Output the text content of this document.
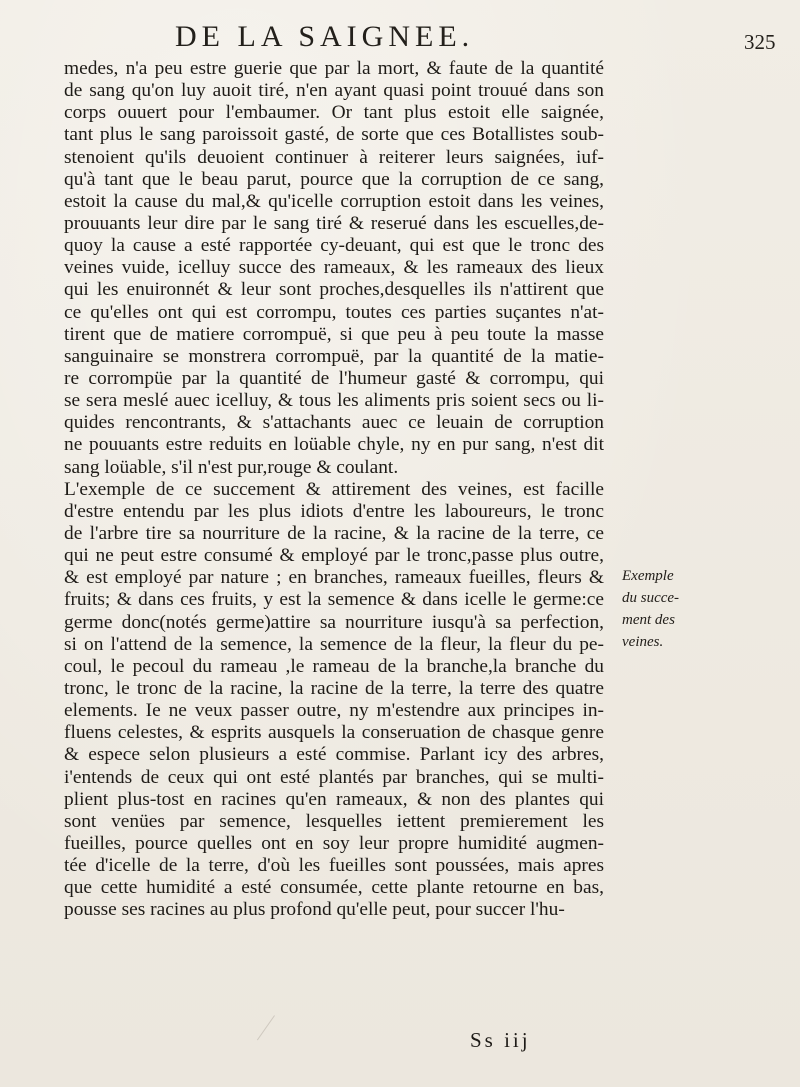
DE LA SAIGNEE.	325
medes, n'a peu estre guerie que par la mort, & faute de la quantité
de sang qu'on luy auoit tiré, n'en ayant quasi point trouué dans son
corps ouuert pour l'embaumer. Or tant plus estoit elle saignée,
tant plus le sang paroissoit gasté, de sorte que ces Botallistes soub-
stenoient qu'ils deuoient continuer à reiterer leurs saignées, iuf-
qu'à tant que le beau parut, pource que la corruption de ce sang,
estoit la cause du mal,& qu'icelle corruption estoit dans les veines,
prouuants leur dire par le sang tiré & reserué dans les escuelles,de-
quoy la cause a esté rapportée cy-deuant, qui est que le tronc des
veines vuide, icelluy succe des rameaux, & les rameaux des lieux
qui les enuironnét & leur sont proches,desquelles ils n'attirent que
ce qu'elles ont qui est corrompu, toutes ces parties suçantes n'at-
tirent que de matiere corrompuë, si que peu à peu toute la masse
sanguinaire se monstrera corrompuë, par la quantité de la matie-
re corrompüe par la quantité de l'humeur gasté & corrompu, qui
se sera meslé auec icelluy, & tous les aliments pris soient secs ou li-
quides rencontrants, & s'attachants auec ce leuain de corruption
ne pouuants estre reduits en loüable chyle, ny en pur sang, n'est dit
sang loüable, s'il n'est pur,rouge & coulant.
L'exemple de ce succement & attirement des veines, est facille
d'estre entendu par les plus idiots d'entre les laboureurs, le tronc
de l'arbre tire sa nourriture de la racine, & la racine de la terre, ce
qui ne peut estre consumé & employé par le tronc,passe plus outre,
& est employé par nature ; en branches, rameaux fueilles, fleurs &
fruits; & dans ces fruits, y est la semence & dans icelle le germe:ce
germe donc(notés germe)attire sa nourriture iusqu'à sa perfection,
si on l'attend de la semence, la semence de la fleur, la fleur du pe-
coul, le pecoul du rameau ,le rameau de la branche,la branche du
tronc, le tronc de la racine, la racine de la terre, la terre des quatre
elements. Ie ne veux passer outre, ny m'estendre aux principes in-
fluens celestes, & esprits ausquels la conseruation de chasque genre
& espece selon plusieurs a esté commise. Parlant icy des arbres,
i'entends de ceux qui ont esté plantés par branches, qui se multi-
plient plus-tost en racines qu'en rameaux, & non des plantes qui
sont venües par semence, lesquelles iettent premierement les
fueilles, pource quelles ont en soy leur propre humidité augmen-
tée d'icelle de la terre, d'où les fueilles sont poussées, mais apres
que cette humidité a esté consumée, cette plante retourne en bas,
pousse ses racines au plus profond qu'elle peut, pour succer l'hu-
Exemple
du succe-
ment des
veines.
Ss iij
